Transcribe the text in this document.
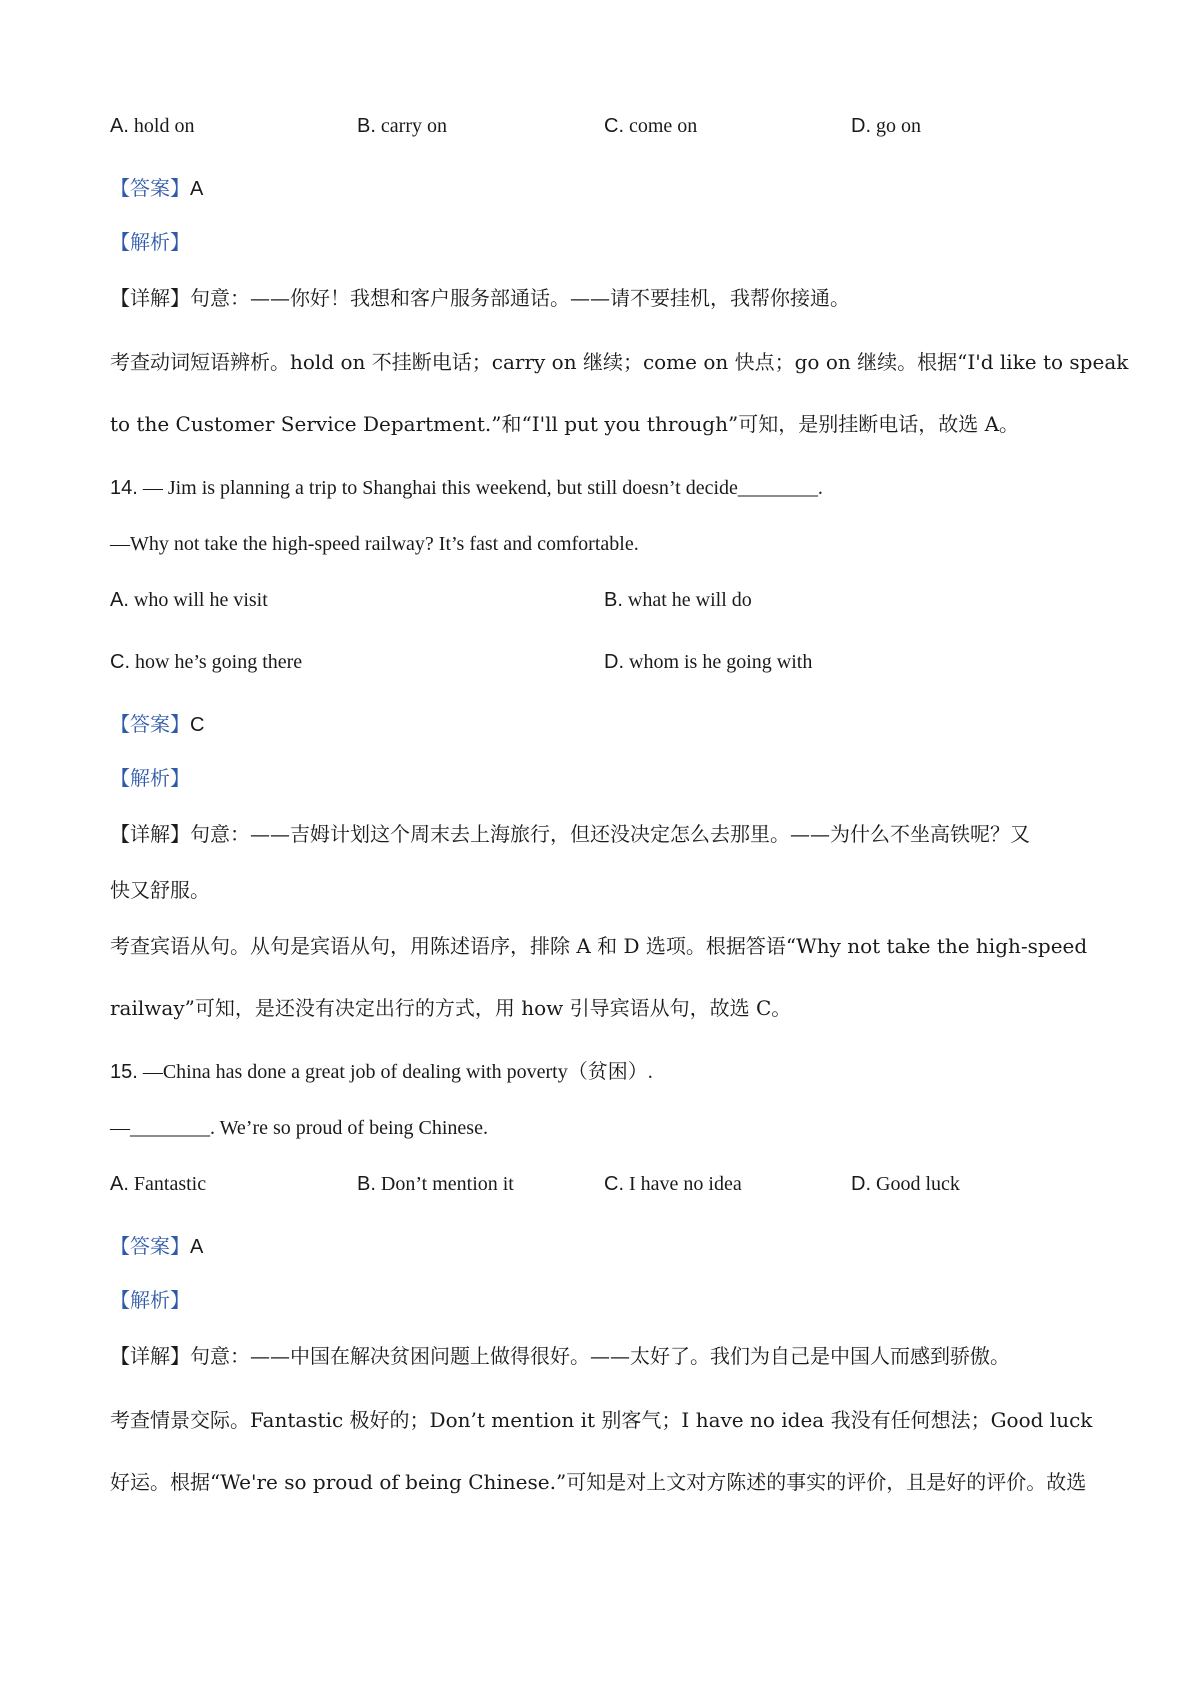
A. hold on	B. carry on	C. come on	D. go on
【答案】A
【解析】
【详解】句意：——你好！我想和客户服务部通话。——请不要挂机，我帮你接通。
考查动词短语辨析。hold on 不挂断电话；carry on 继续；come on 快点；go on 继续。根据“I'd like to speak
to the Customer Service Department.”和“I'll put you through”可知，是别挂断电话，故选 A。
14. — Jim is planning a trip to Shanghai this weekend, but still doesn’t decide________.
—Why not take the high-speed railway? It’s fast and comfortable.
A. who will he visit	B. what he will do
C. how he’s going there	D. whom is he going with
【答案】C
【解析】
【详解】句意：——吉姆计划这个周末去上海旅行，但还没决定怎么去那里。——为什么不坐高铁呢？又
快又舒服。
考查宾语从句。从句是宾语从句，用陈述语序，排除 A 和 D 选项。根据答语“Why not take the high-speed
railway”可知，是还没有决定出行的方式，用 how 引导宾语从句，故选 C。
15. —China has done a great job of dealing with poverty（贫困）.
—________. We’re so proud of being Chinese.
A. Fantastic	B. Don’t mention it	C. I have no idea	D. Good luck
【答案】A
【解析】
【详解】句意：——中国在解决贫困问题上做得很好。——太好了。我们为自己是中国人而感到骄傲。
考查情景交际。Fantastic 极好的；Don’t mention it 别客气；I have no idea 我没有任何想法；Good luck
好运。根据“We're so proud of being Chinese.”可知是对上文对方陈述的事实的评价，且是好的评价。故选
